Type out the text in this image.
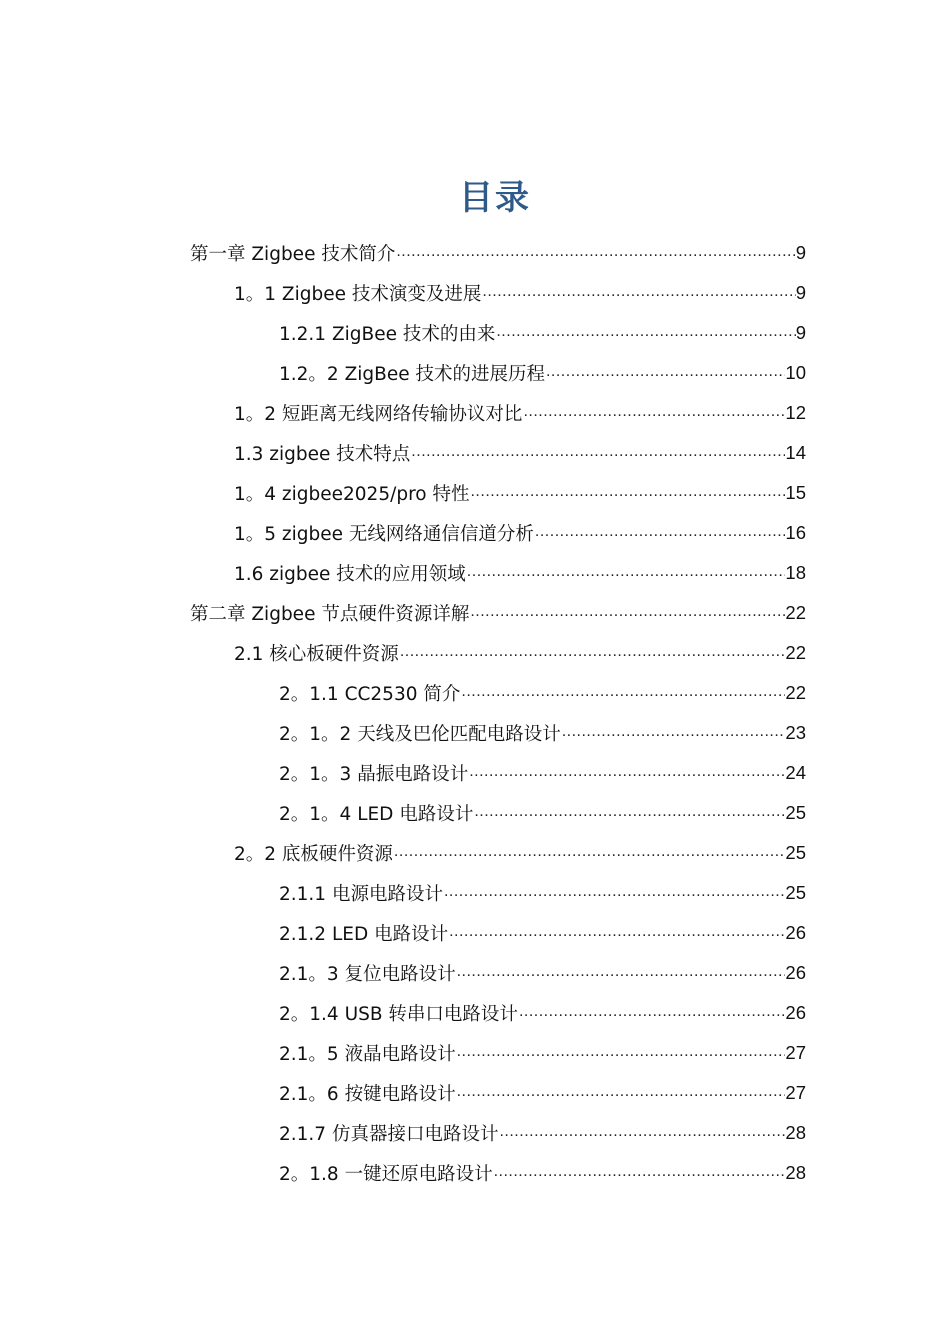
目录
第一章 Zigbee 技术简介 .....	9
1。1 Zigbee 技术演变及进展 .....	9
1.2.1 ZigBee 技术的由来 .....	9
1.2。2 ZigBee 技术的进展历程 .....	10
1。2 短距离无线网络传输协议对比 .....	12
1.3 zigbee 技术特点 .....	14
1。4 zigbee2025/pro 特性 .....	15
1。5 zigbee 无线网络通信信道分析 .....	16
1.6 zigbee 技术的应用领域 .....	18
第二章 Zigbee 节点硬件资源详解 .....	22
2.1 核心板硬件资源 .....	22
2。1.1 CC2530 简介 .....	22
2。1。2 天线及巴伦匹配电路设计 .....	23
2。1。3 晶振电路设计 .....	24
2。1。4 LED 电路设计 .....	25
2。2 底板硬件资源 .....	25
2.1.1 电源电路设计 .....	25
2.1.2 LED 电路设计 .....	26
2.1。3 复位电路设计 .....	26
2。1.4 USB 转串口电路设计 .....	26
2.1。5 液晶电路设计 .....	27
2.1。6 按键电路设计 .....	27
2.1.7 仿真器接口电路设计 .....	28
2。1.8 一键还原电路设计 .....	28
